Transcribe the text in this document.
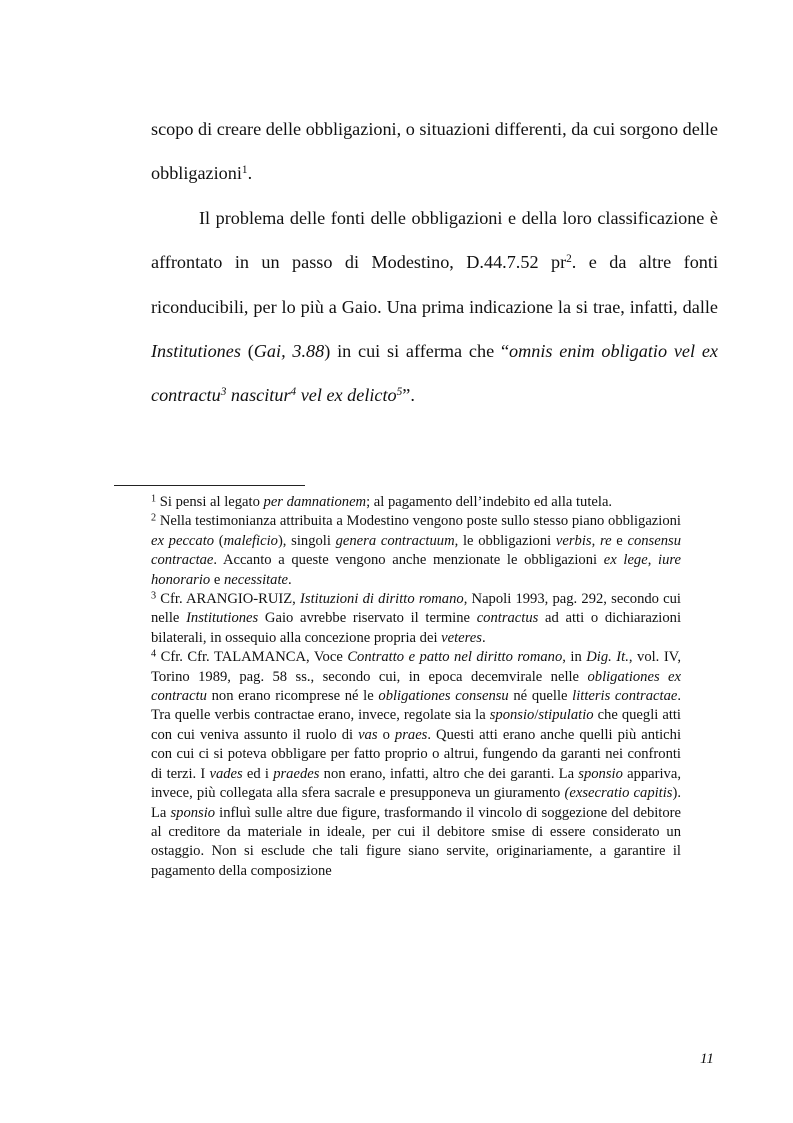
scopo di creare delle obbligazioni, o situazioni differenti, da cui sorgono delle obbligazioni$^1$.

Il problema delle fonti delle obbligazioni e della loro classificazione è affrontato in un passo di Modestino, D.44.7.52 $pr^2$. e da altre fonti riconducibili, per lo più a Gaio. Una prima indicazione la si trae, infatti, dalle Institutiones (Gai, 3.88) in cui si afferma che “omnis enim obligatio vel ex contractu$^3$ nascitur$^4$ vel ex delicto$^5$”.

$^1$ Si pensi al legato per damnationem; al pagamento dell’indebito ed alla tutela.

$^2$ Nella testimonianza attribuita a Modestino vengono poste sullo stesso piano obbligazioni ex peccato (maleficio), singoli genera contractuum, le obbligazioni verbis, re e consensu contractae. Accanto a queste vengono anche menzionate le obbligazioni ex lege, iure honorario e necessitate.

$^3$ Cfr. ARANGIO-RUIZ, Istituzioni di diritto romano, Napoli 1993, pag. 292, secondo cui nelle Institutiones Gaio avrebbe riservato il termine contractus ad atti o dichiarazioni bilaterali, in ossequio alla concezione propria dei veteres.

$^4$ Cfr. Cfr. TALAMANCA, Voce Contratto e patto nel diritto romano, in Dig. It., vol. IV, Torino 1989, pag. 58 ss., secondo cui, in epoca decemvirale nelle obligationes ex contractu non erano ricomprese né le obligationes consensu né quelle litteris contractae. Tra quelle verbis contractae erano, invece, regolate sia la sponsio/stipulatio che quegli atti con cui veniva assunto il ruolo di vas o praes. Questi atti erano anche quelli più antichi con cui ci si poteva obbligare per fatto proprio o altrui, fungendo da garanti nei confronti di terzi. I vades ed i praedes non erano, infatti, altro che dei garanti. La sponsio appariva, invece, più collegata alla sfera sacrale e presupponeva un giuramento (exsecratio capitis). La sponsio influì sulle altre due figure, trasformando il vincolo di soggezione del debitore al creditore da materiale in ideale, per cui il debitore smise di essere considerato un ostaggio. Non si esclude che tali figure siano servite, originariamente, a garantire il pagamento della composizione

11
